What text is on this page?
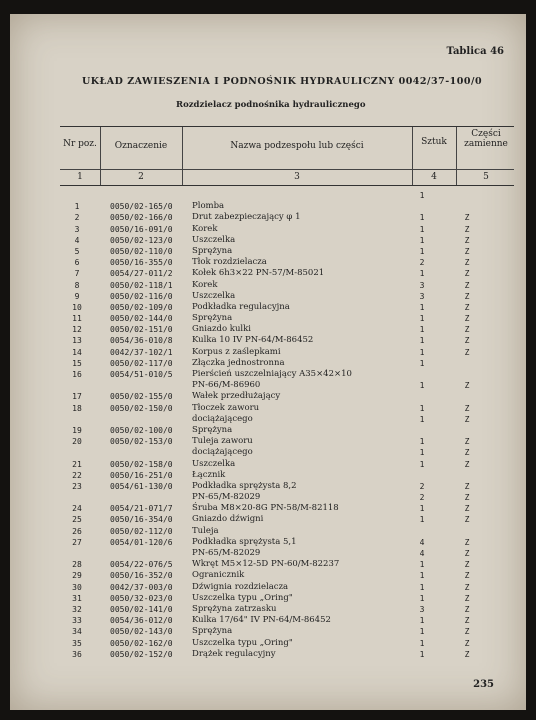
Tablica 46
UKŁAD ZAWIESZENIA I PODNOŚNIK HYDRAULICZNY 0042/37-100/0
Rozdzielacz podnośnika hydraulicznego
Nr poz.	Oznaczenie	Nazwa podzespołu lub części	Sztuk
Części zamienne
1	2	3	4	5
1
1	0050/02-165/0 Plomba
2	0050/02-166/0 Drut zabezpieczający φ 1	1	Z
3	0050/16-091/0 Korek	1	Z
4	0050/02-123/0 Uszczelka	1	Z
5	0050/02-110/0 Sprężyna	1	Z
6	0050/16-355/0 Tłok rozdzielacza	2	Z
7	0054/27-011/2 Kołek 6h3×22 PN-57/M-85021	1	Z
8	0050/02-118/1 Korek	3	Z
9	0050/02-116/0 Uszczelka	3	Z
10	0050/02-109/0 Podkładka regulacyjna	1	Z
11	0050/02-144/0 Sprężyna	1	Z
12	0050/02-151/0 Gniazdo kulki	1	Z
13	0054/36-010/8 Kulka 10 IV PN-64/M-86452	1	Z
14	0042/37-102/1 Korpus z zaślepkami	1	Z
15	0050/02-117/0 Złączka jednostronna	1
16	0054/51-010/5 Pierścień uszczelniający A35×42×10
PN-66/M-86960	1	Z
17	0050/02-155/0 Wałek przedłużający
18	0050/02-150/0 Tłoczek zaworu	1	Z
dociążającego	1	Z
19	0050/02-100/0 Sprężyna
20	0050/02-153/0 Tuleja zaworu	1	Z
dociążającego	1	Z
21	0050/02-158/0 Uszczelka	1	Z
22	0050/16-251/0 Łącznik
23	0054/61-130/0 Podkładka sprężysta 8,2	2	Z
PN-65/M-82029	2	Z
24	0054/21-071/7 Śruba M8×20-8G PN-58/M-82118	1	Z
25	0050/16-354/0 Gniazdo dźwigni	1	Z
26	0050/02-112/0 Tuleja
27	0054/01-120/6 Podkładka sprężysta 5,1	4	Z
PN-65/M-82029	4	Z
28	0054/22-076/5 Wkręt M5×12-5D PN-60/M-82237	1	Z
29	0050/16-352/0 Ogranicznik	1	Z
30	0042/37-003/0 Dźwignia rozdzielacza	1	Z
31	0050/32-023/0 Uszczelka typu „Oring"	1	Z
32	0050/02-141/0 Sprężyna zatrzasku	3	Z
33	0054/36-012/0 Kulka 17/64" IV PN-64/M-86452	1	Z
34	0050/02-143/0 Sprężyna	1	Z
35	0050/02-162/0 Uszczelka typu „Oring"	1	Z
36	0050/02-152/0 Drążek regulacyjny	1	Z
235
